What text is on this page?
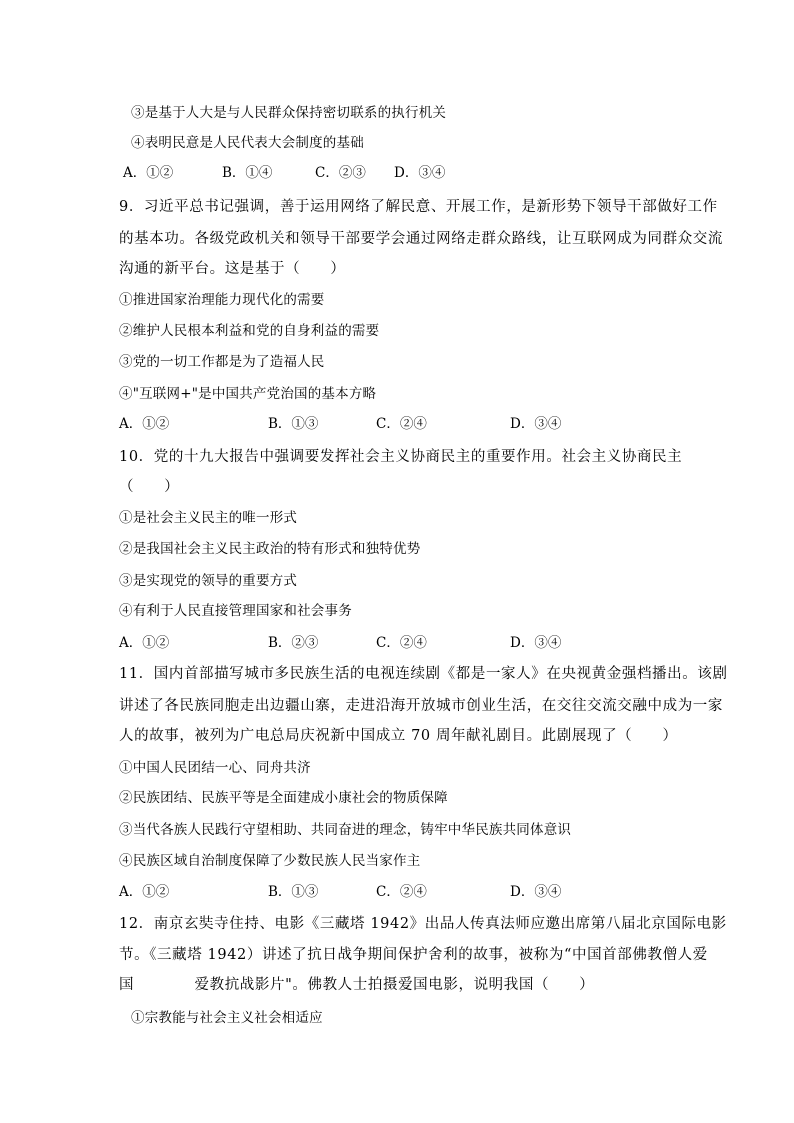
③是基于人大是与人民群众保持密切联系的执行机关
④表明民意是人民代表大会制度的基础
A．①②	B．①④	C．②③ D．③④
9．习近平总书记强调，善于运用网络了解民意、开展工作，是新形势下领导干部做好工作
的基本功。各级党政机关和领导干部要学会通过网络走群众路线，让互联网成为同群众交流
沟通的新平台。这是基于（　　）
①推进国家治理能力现代化的需要
②维护人民根本利益和党的自身利益的需要
③党的一切工作都是为了造福人民
④"互联网+"是中国共产党治国的基本方略
A．①②	B．①③	C．②④	D．③④
10．党的十九大报告中强调要发挥社会主义协商民主的重要作用。社会主义协商民主
（　　）
①是社会主义民主的唯一形式
②是我国社会主义民主政治的特有形式和独特优势
③是实现党的领导的重要方式
④有利于人民直接管理国家和社会事务
A．①②	B．②③	C．②④	D．③④
11．国内首部描写城市多民族生活的电视连续剧《都是一家人》在央视黄金强档播出。该剧
讲述了各民族同胞走出边疆山寨，走进沿海开放城市创业生活，在交往交流交融中成为一家
人的故事，被列为广电总局庆祝新中国成立 70 周年献礼剧目。此剧展现了（　　）
①中国人民团结一心、同舟共济
②民族团结、民族平等是全面建成小康社会的物质保障
③当代各族人民践行守望相助、共同奋进的理念，铸牢中华民族共同体意识
④民族区域自治制度保障了少数民族人民当家作主
A．①②	B．①③	C．②④	D．③④
12．南京玄奘寺住持、电影《三藏塔 1942》出品人传真法师应邀出席第八届北京国际电影
节。《三藏塔 1942）讲述了抗日战争期间保护舍利的故事，被称为“中国首部佛教僧人爱
国　　　　爱教抗战影片"。佛教人士拍摄爱国电影，说明我国（　　）
①宗教能与社会主义社会相适应
